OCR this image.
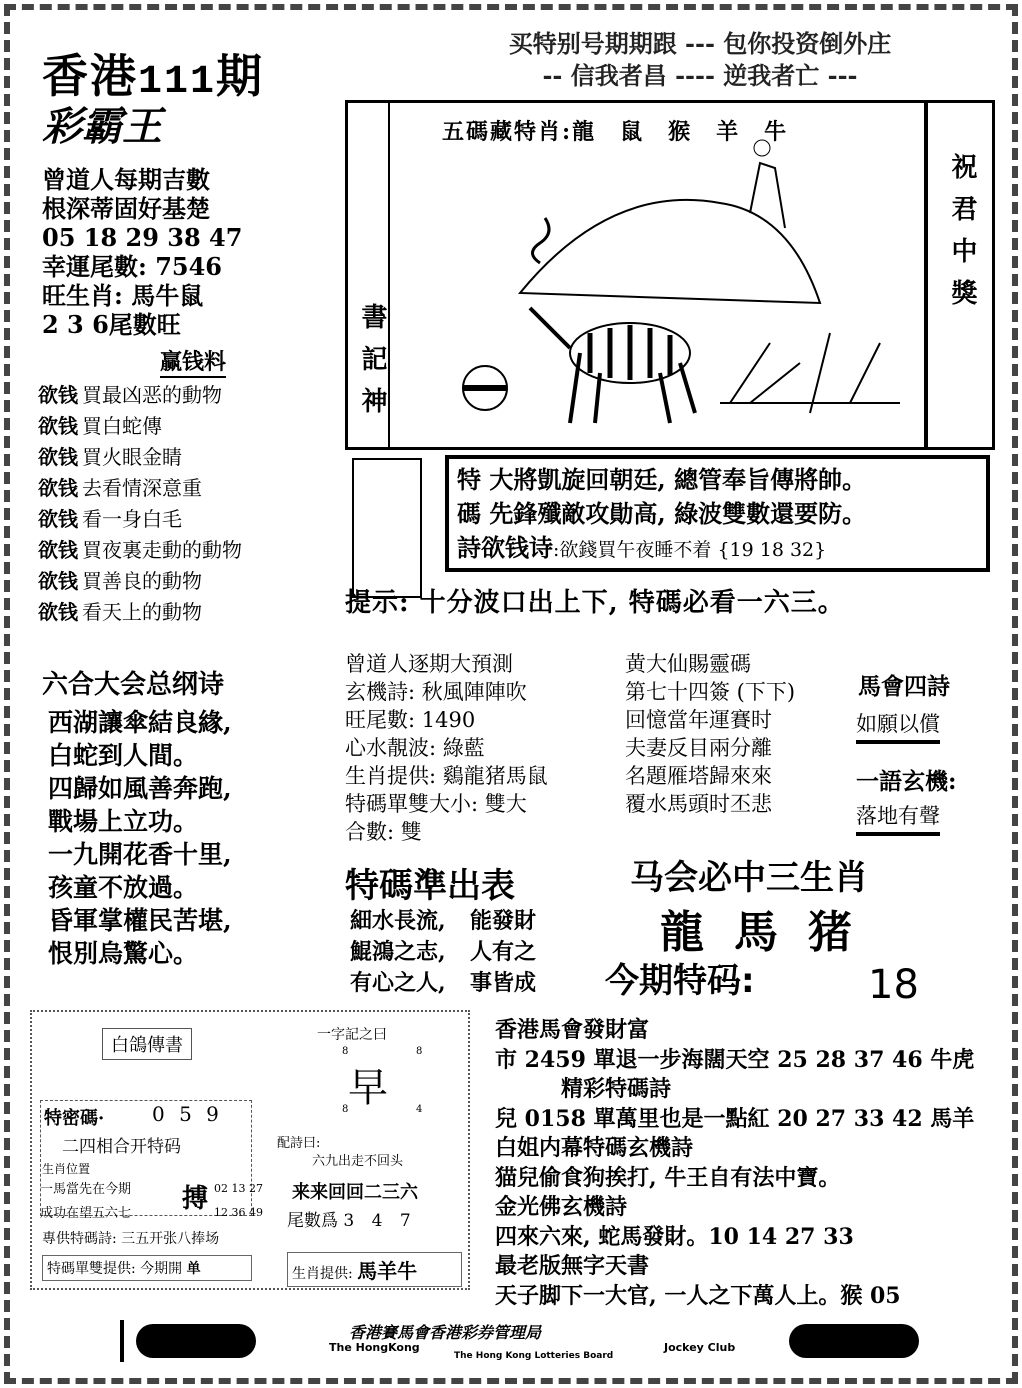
香港111期
彩霸王
曾道人每期吉數
根深蒂固好基楚
05 18 29 38 47
幸運尾數: 7546
旺生肖: 馬牛鼠
2 3 6尾數旺
赢钱料
欲钱 買最凶恶的動物
欲钱 買白蛇傳
欲钱 買火眼金睛
欲钱 去看情深意重
欲钱 看一身白毛
欲钱 買夜裏走動的動物
欲钱 買善良的動物
欲钱 看天上的動物
买特别号期期跟 --- 包你投资倒外庄
-- 信我者昌 ---- 逆我者亡 ---
書記神
五碼藏特肖:龍　鼠　猴　羊　牛
祝君中獎
特 大將凱旋回朝廷, 總管奉旨傳將帥。
碼 先鋒殲敵攻勛高, 綠波雙數還要防。
詩欲钱诗:欲錢買午夜睡不着 {19 18 32}
提示: 十分波口出上下, 特碼必看一六三。
六合大会总纲诗
西湖讓傘結良緣,
白蛇到人間。
四歸如風善奔跑,
戰場上立功。
一九開花香十里,
孩童不放過。
昏軍掌權民苦堪,
恨別烏驚心。
曾道人逐期大預測
玄機詩: 秋風陣陣吹
旺尾數: 1490
心水靚波: 綠藍
生肖提供: 鷄龍猪馬鼠
特碼單雙大小: 雙大
合數: 雙
黄大仙賜靈碼
第七十四簽 (下下)
回憶當年運賽时
夫妻反目兩分離
名題雁塔歸來來
覆水馬頭时丕悲
馬會四詩
如願以償
一語玄機:
落地有聲
特碼準出表
細水長流, 能發財
鯤鴻之志, 人有之
有心之人, 事皆成
马会必中三生肖
龍馬猪
今期特码:	18
白鴿傳書	一字記之曰
8	8
早
8	4
特密碼· 0 5 9
二四相合开特码
生肖位置
一馬當先在今期
成功在望五六七 搏 02 13 27
12 36 49
配詩曰:
六九出走不回头
来来回回二三六
尾數爲 3 4 7
專供特碼詩: 三五开张八捧场
特碼單雙提供: 今期開 单	生肖提供: 馬羊牛
香港馬會發財富
市 2459 單退一步海闊天空 25 28 37 46 牛虎
　　　精彩特碼詩
兒 0158 單萬里也是一點紅 20 27 33 42 馬羊
白姐内幕特碼玄機詩
猫兒偷食狗挨打, 牛王自有法中寶。
金光佛玄機詩
四來六來, 蛇馬發財。10 14 27 33
最老版無字天書
天子脚下一大官, 一人之下萬人上。猴 05
香港賽馬會香港彩券管理局
The HongKong	Jockey Club
The Hong Kong Lotteries Board
